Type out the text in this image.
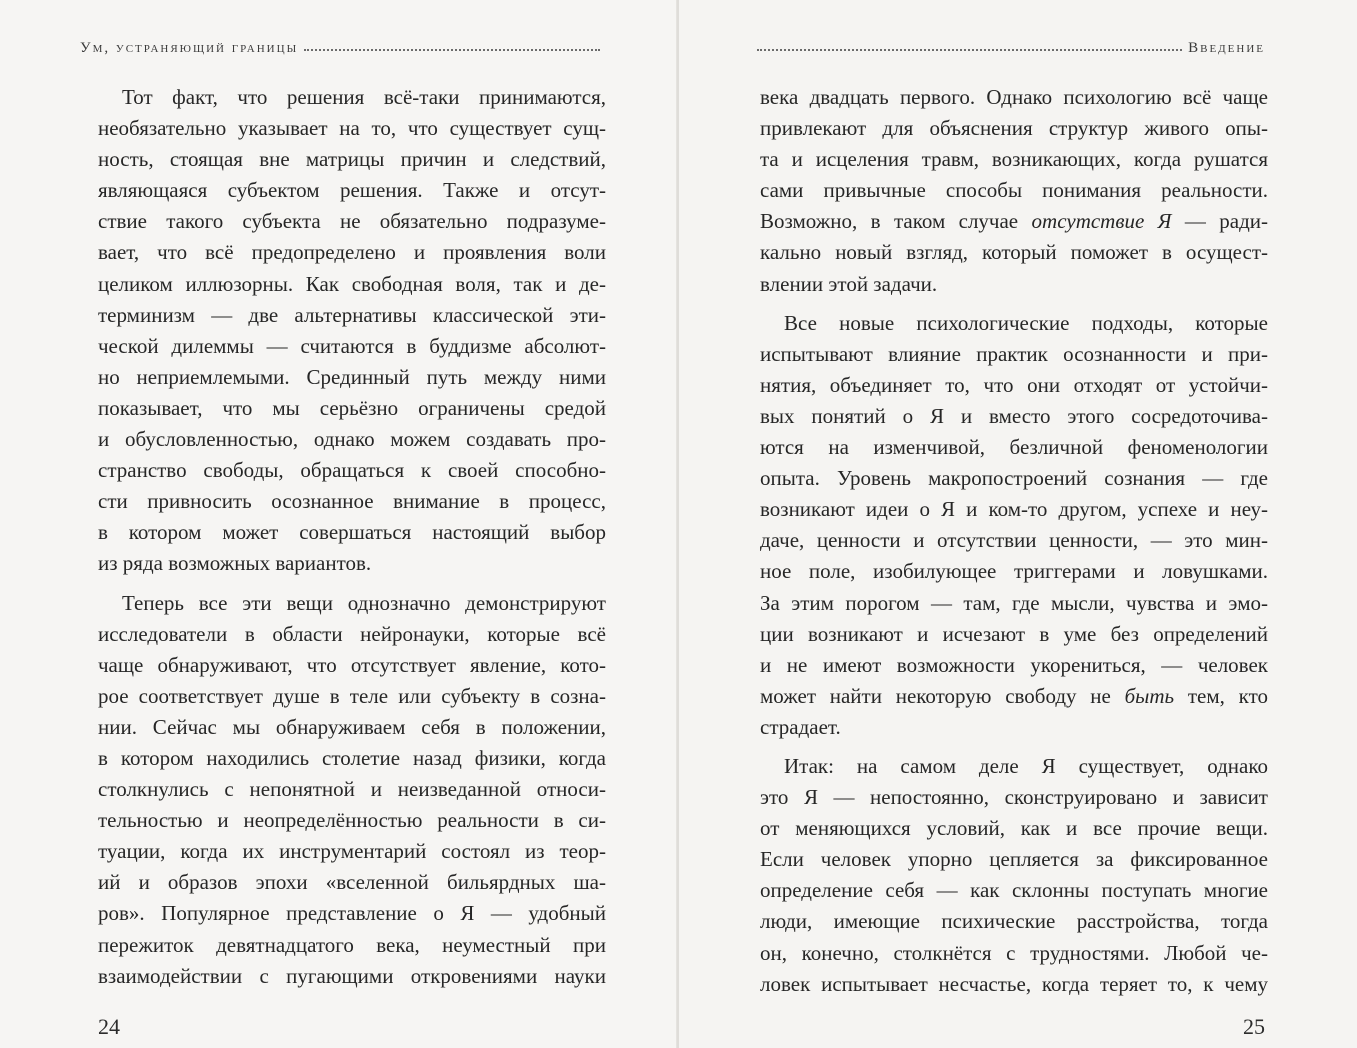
Ум, устраняющий границы
Тот факт, что решения всё-таки принимаются,
необязательно указывает на то, что существует сущ-
ность, стоящая вне матрицы причин и следствий,
являющаяся субъектом решения. Также и отсут-
ствие такого субъекта не обязательно подразуме-
вает, что всё предопределено и проявления воли
целиком иллюзорны. Как свободная воля, так и де-
терминизм — две альтернативы классической эти-
ческой дилеммы — считаются в буддизме абсолют-
но неприемлемыми. Срединный путь между ними
показывает, что мы серьёзно ограничены средой
и обусловленностью, однако можем создавать про-
странство свободы, обращаться к своей способно-
сти привносить осознанное внимание в процесс,
в котором может совершаться настоящий выбор
из ряда возможных вариантов.
Теперь все эти вещи однозначно демонстрируют
исследователи в области нейронауки, которые всё
чаще обнаруживают, что отсутствует явление, кото-
рое соответствует душе в теле или субъекту в созна-
нии. Сейчас мы обнаруживаем себя в положении,
в котором находились столетие назад физики, когда
столкнулись с непонятной и неизведанной относи-
тельностью и неопределённостью реальности в си-
туации, когда их инструментарий состоял из теор-
ий и образов эпохи «вселенной бильярдных ша-
ров». Популярное представление о Я — удобный
пережиток девятнадцатого века, неуместный при
взаимодействии с пугающими откровениями науки
24
Введение
века двадцать первого. Однако психологию всё чаще
привлекают для объяснения структур живого опы-
та и исцеления травм, возникающих, когда рушатся
сами привычные способы понимания реальности.
Возможно, в таком случае отсутствие Я — ради-
кально новый взгляд, который поможет в осущест-
влении этой задачи.
Все новые психологические подходы, которые
испытывают влияние практик осознанности и при-
нятия, объединяет то, что они отходят от устойчи-
вых понятий о Я и вместо этого сосредоточива-
ются на изменчивой, безличной феноменологии
опыта. Уровень макропостроений сознания — где
возникают идеи о Я и ком-то другом, успехе и неу-
даче, ценности и отсутствии ценности, — это мин-
ное поле, изобилующее триггерами и ловушками.
За этим порогом — там, где мысли, чувства и эмо-
ции возникают и исчезают в уме без определений
и не имеют возможности укорениться, — человек
может найти некоторую свободу не быть тем, кто
страдает.
Итак: на самом деле Я существует, однако
это Я — непостоянно, сконструировано и зависит
от меняющихся условий, как и все прочие вещи.
Если человек упорно цепляется за фиксированное
определение себя — как склонны поступать многие
люди, имеющие психические расстройства, тогда
он, конечно, столкнётся с трудностями. Любой че-
ловек испытывает несчастье, когда теряет то, к чему
25
